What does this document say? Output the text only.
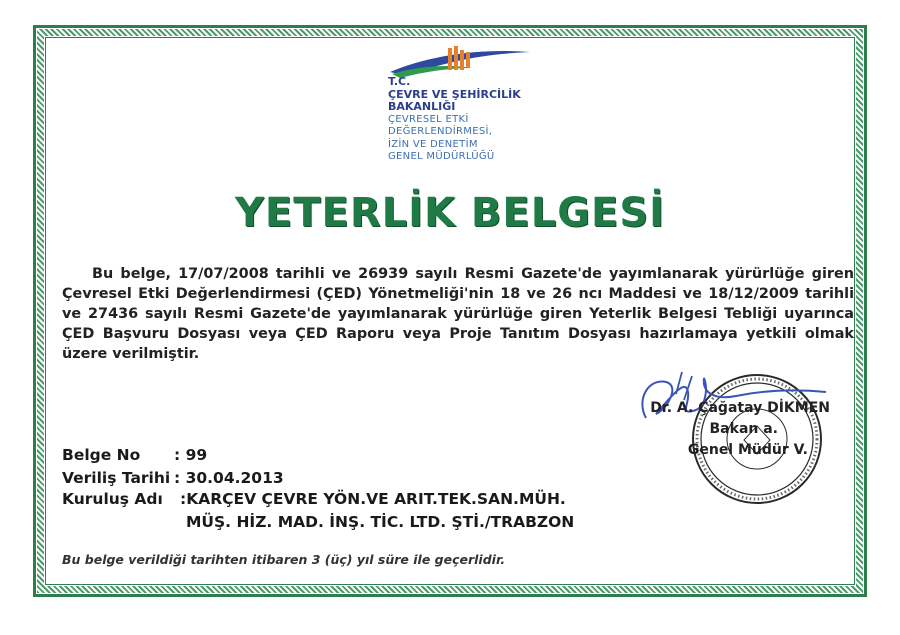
T.C.
ÇEVRE VE ŞEHİRCİLİK
BAKANLIĞI
ÇEVRESEL ETKİ
DEĞERLENDİRMESİ,
İZİN VE DENETİM
GENEL MÜDÜRLÜĞÜ
YETERLİK BELGESİ
Bu belge, 17/07/2008 tarihli ve 26939 sayılı Resmi Gazete'de yayımlanarak yürürlüğe giren Çevresel Etki Değerlendirmesi (ÇED) Yönetmeliği'nin 18 ve 26 ncı Maddesi ve 18/12/2009 tarihli ve 27436 sayılı Resmi Gazete'de yayımlanarak yürürlüğe giren Yeterlik Belgesi Tebliği uyarınca ÇED Başvuru Dosyası veya ÇED Raporu veya Proje Tanıtım Dosyası hazırlamaya yetkili olmak üzere verilmiştir.
Dr. A. Çağatay DİKMEN
Bakan a.
Genel Müdür V.
Belge No : 99
Veriliş Tarihi : 30.04.2013
Kuruluş Adı :KARÇEV ÇEVRE YÖN.VE ARIT.TEK.SAN.MÜH.
MÜŞ. HİZ. MAD. İNŞ. TİC. LTD. ŞTİ./TRABZON
Bu belge verildiği tarihten itibaren 3 (üç) yıl süre ile geçerlidir.
